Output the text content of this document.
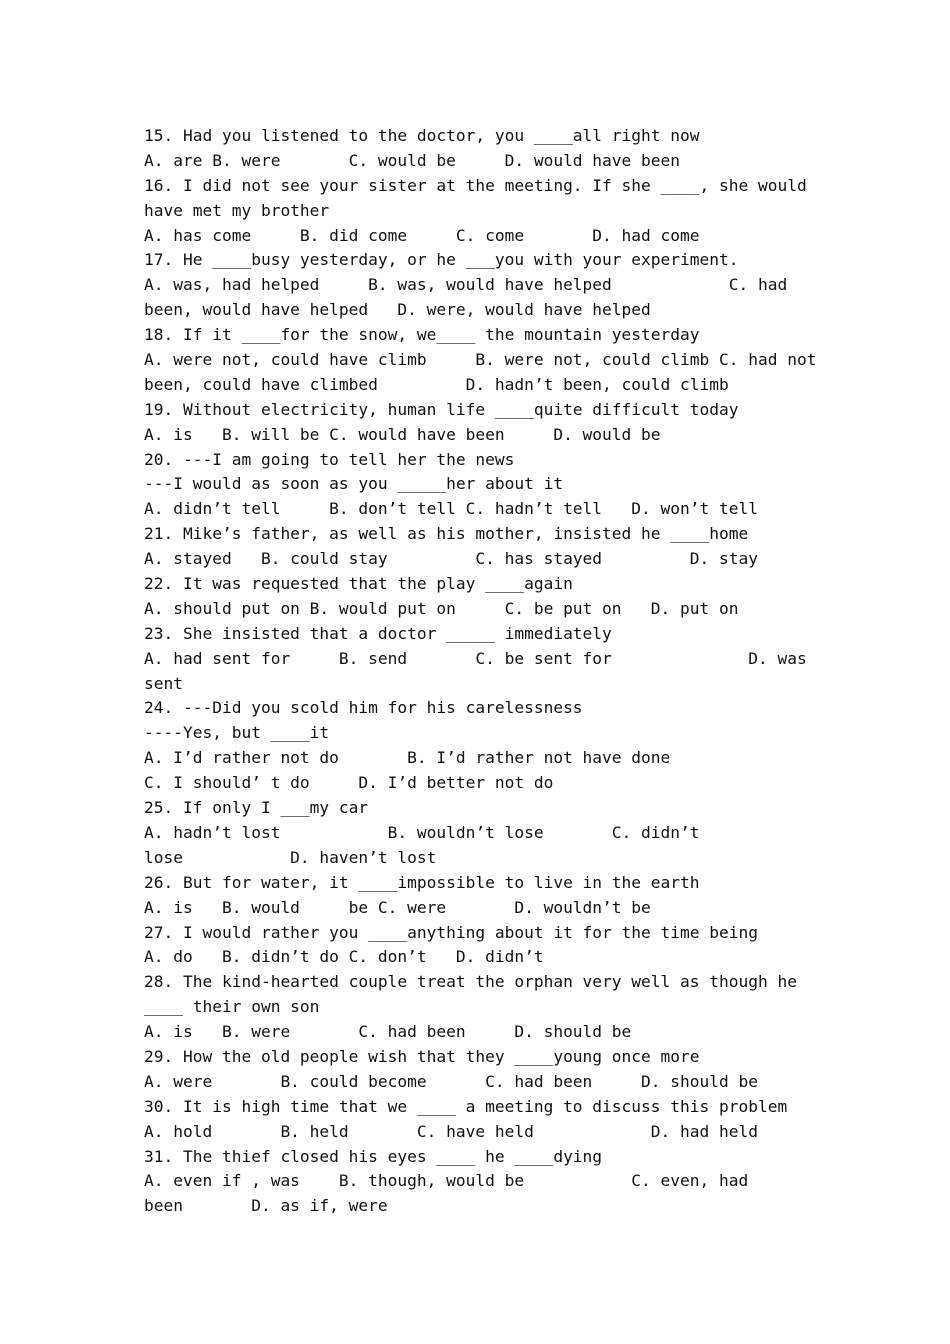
15. Had you listened to the doctor, you ____all right now
A. are B. were       C. would be     D. would have been
16. I did not see your sister at the meeting. If she ____, she would
have met my brother
A. has come     B. did come     C. come       D. had come
17. He ____busy yesterday, or he ___you with your experiment.
A. was, had helped     B. was, would have helped            C. had
been, would have helped   D. were, would have helped
18. If it ____for the snow, we____ the mountain yesterday
A. were not, could have climb     B. were not, could climb C. had not
been, could have climbed         D. hadn’t been, could climb
19. Without electricity, human life ____quite difficult today
A. is   B. will be C. would have been     D. would be
20. ---I am going to tell her the news
---I would as soon as you _____her about it
A. didn’t tell     B. don’t tell C. hadn’t tell   D. won’t tell
21. Mike’s father, as well as his mother, insisted he ____home
A. stayed   B. could stay         C. has stayed         D. stay
22. It was requested that the play ____again
A. should put on B. would put on     C. be put on   D. put on
23. She insisted that a doctor _____ immediately
A. had sent for     B. send       C. be sent for              D. was
sent
24. ---Did you scold him for his carelessness
----Yes, but ____it
A. I’d rather not do       B. I’d rather not have done
C. I should’ t do     D. I’d better not do
25. If only I ___my car
A. hadn’t lost           B. wouldn’t lose       C. didn’t
lose           D. haven’t lost
26. But for water, it ____impossible to live in the earth
A. is   B. would     be C. were       D. wouldn’t be
27. I would rather you ____anything about it for the time being
A. do   B. didn’t do C. don’t   D. didn’t
28. The kind-hearted couple treat the orphan very well as though he
____ their own son
A. is   B. were       C. had been     D. should be
29. How the old people wish that they ____young once more
A. were       B. could become      C. had been     D. should be
30. It is high time that we ____ a meeting to discuss this problem
A. hold       B. held       C. have held            D. had held
31. The thief closed his eyes ____ he ____dying
A. even if , was    B. though, would be           C. even, had
been       D. as if, were
